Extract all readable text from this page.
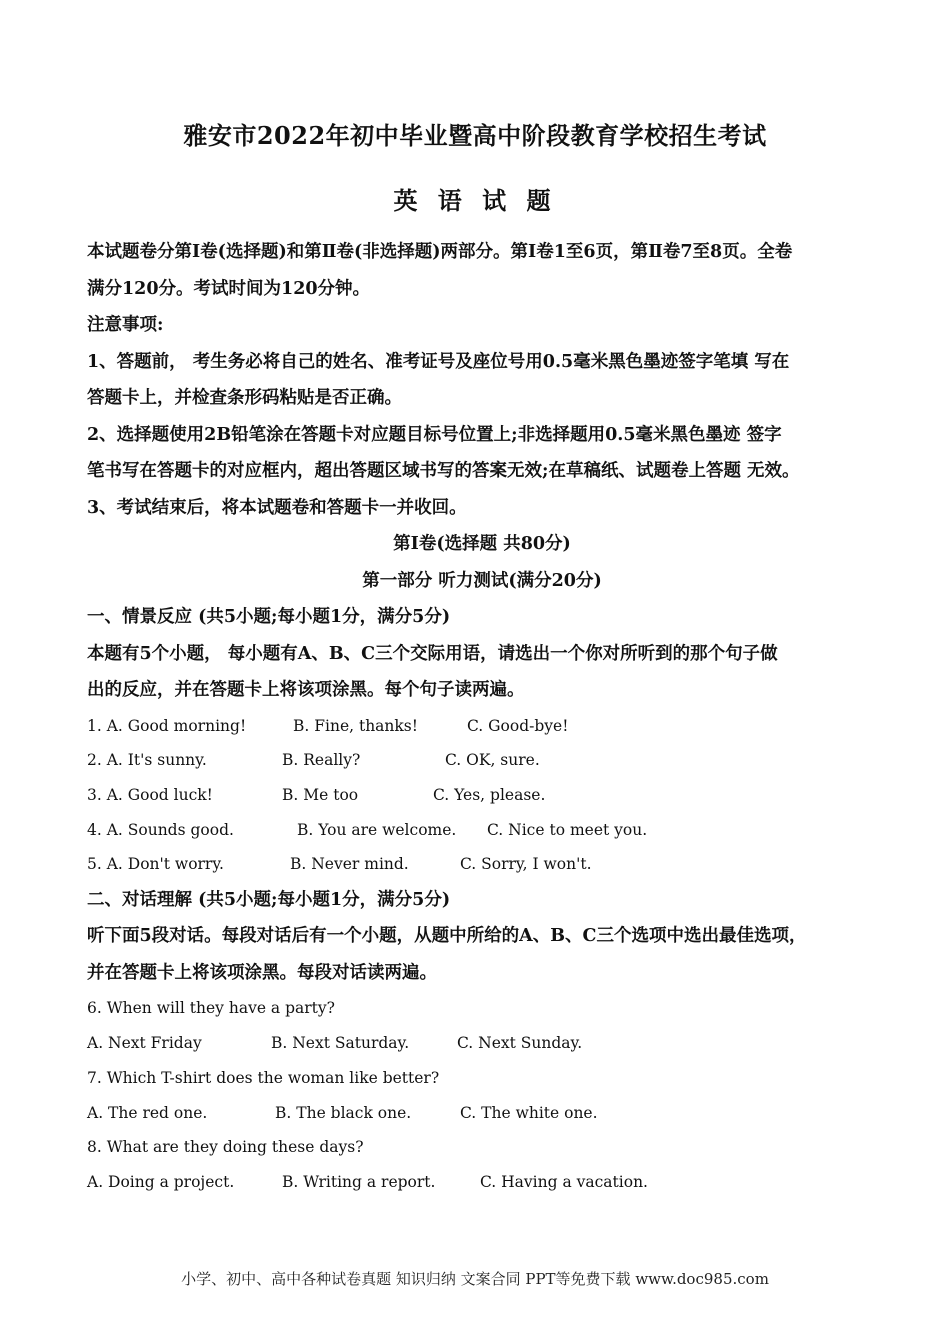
雅安市2022年初中毕业暨高中阶段教育学校招生考试
英 语 试 题
本试题卷分第Ⅰ卷(选择题)和第Ⅱ卷(非选择题)两部分。第Ⅰ卷1至6页，第Ⅱ卷7至8页。全卷
满分120分。考试时间为120分钟。
注意事项:
1、答题前， 考生务必将自己的姓名、准考证号及座位号用0.5毫米黑色墨迹签字笔填 写在
答题卡上，并检查条形码粘贴是否正确。
2、选择题使用2B铅笔涂在答题卡对应题目标号位置上;非选择题用0.5毫米黑色墨迹 签字
笔书写在答题卡的对应框内，超出答题区域书写的答案无效;在草稿纸、试题卷上答题 无效。
3、考试结束后，将本试题卷和答题卡一并收回。
第Ⅰ卷(选择题 共80分)
第一部分 听力测试(满分20分)
一、情景反应 (共5小题;每小题1分，满分5分)
本题有5个小题， 每小题有A、B、C三个交际用语，请选出一个你对所听到的那个句子做
出的反应，并在答题卡上将该项涂黑。每个句子读两遍。
1. A. Good morning!	B. Fine, thanks!	C. Good-bye!
2. A. It's sunny.	B. Really?	C. OK, sure.
3. A. Good luck!	B. Me too	C. Yes, please.
4. A. Sounds good.	B. You are welcome. C. Nice to meet you.
5. A. Don't worry.	B. Never mind.	C. Sorry, I won't.
二、对话理解 (共5小题;每小题1分，满分5分)
听下面5段对话。每段对话后有一个小题，从题中所给的A、B、C三个选项中选出最佳选项，
并在答题卡上将该项涂黑。每段对话读两遍。
6. When will they have a party?
A. Next Friday	B. Next Saturday.	C. Next Sunday.
7. Which T-shirt does the woman like better?
A. The red one.	B. The black one.	C. The white one.
8. What are they doing these days?
A. Doing a project.	B. Writing a report.	C. Having a vacation.
小学、初中、高中各种试卷真题 知识归纳 文案合同 PPT等免费下载 www.doc985.com
